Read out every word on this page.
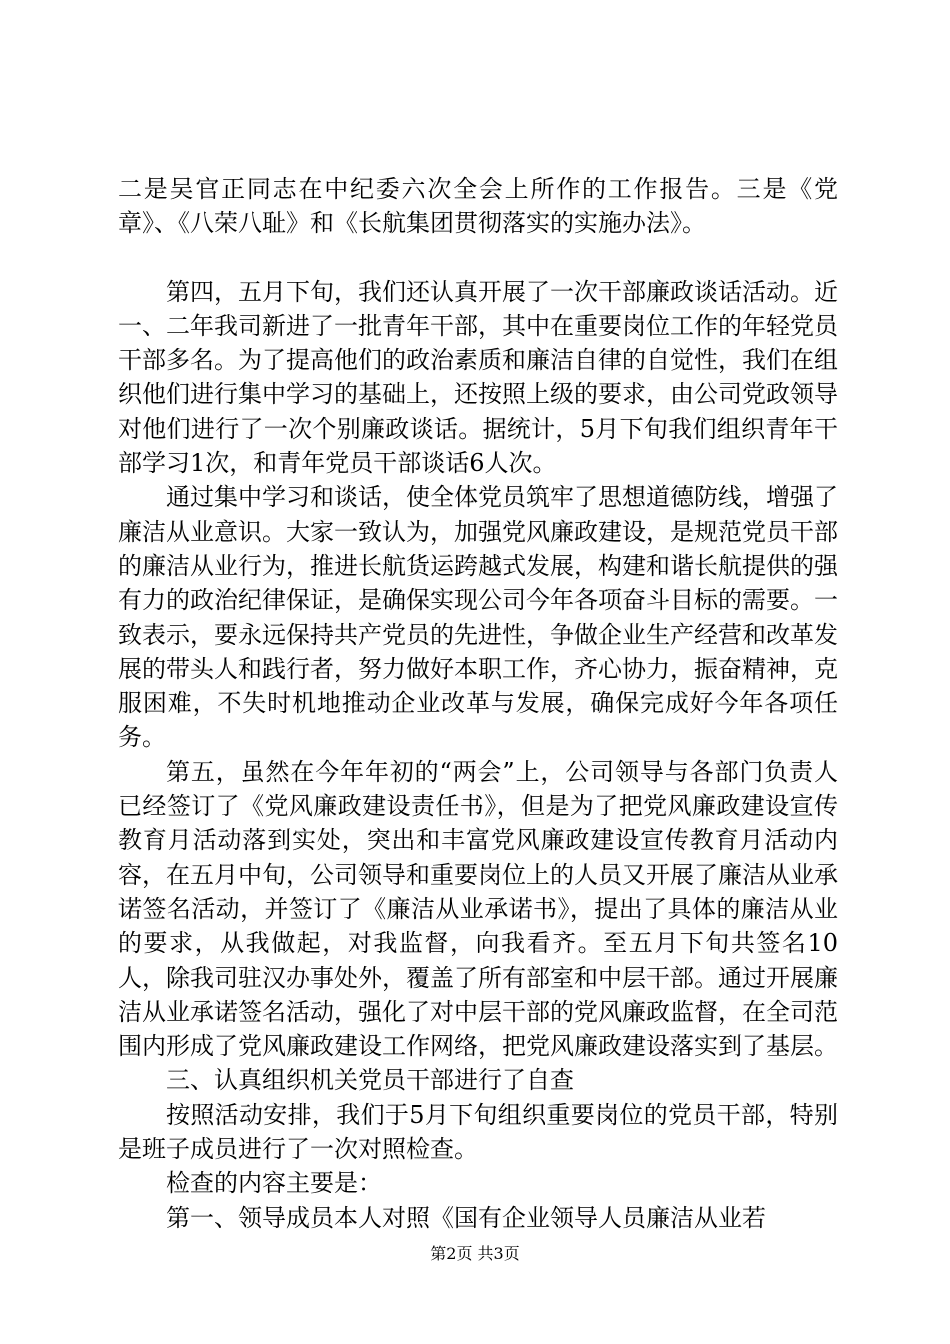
二是吴官正同志在中纪委六次全会上所作的工作报告。三是《党章》、《八荣八耻》和《长航集团贯彻落实的实施办法》。

第四，五月下旬，我们还认真开展了一次干部廉政谈话活动。近一、二年我司新进了一批青年干部，其中在重要岗位工作的年轻党员干部多名。为了提高他们的政治素质和廉洁自律的自觉性，我们在组织他们进行集中学习的基础上，还按照上级的要求，由公司党政领导对他们进行了一次个别廉政谈话。据统计，5月下旬我们组织青年干部学习1次，和青年党员干部谈话6人次。

通过集中学习和谈话，使全体党员筑牢了思想道德防线，增强了廉洁从业意识。大家一致认为，加强党风廉政建设，是规范党员干部的廉洁从业行为，推进长航货运跨越式发展，构建和谐长航提供的强有力的政治纪律保证，是确保实现公司今年各项奋斗目标的需要。一致表示，要永远保持共产党员的先进性，争做企业生产经营和改革发展的带头人和践行者，努力做好本职工作，齐心协力，振奋精神，克服困难，不失时机地推动企业改革与发展，确保完成好今年各项任务。

第五，虽然在今年年初的“两会”上，公司领导与各部门负责人已经签订了《党风廉政建设责任书》，但是为了把党风廉政建设宣传教育月活动落到实处，突出和丰富党风廉政建设宣传教育月活动内容，在五月中旬，公司领导和重要岗位上的人员又开展了廉洁从业承诺签名活动，并签订了《廉洁从业承诺书》，提出了具体的廉洁从业的要求，从我做起，对我监督，向我看齐。至五月下旬共签名10人，除我司驻汉办事处外，覆盖了所有部室和中层干部。通过开展廉洁从业承诺签名活动，强化了对中层干部的党风廉政监督，在全司范围内形成了党风廉政建设工作网络，把党风廉政建设落实到了基层。

三、认真组织机关党员干部进行了自查

按照活动安排，我们于5月下旬组织重要岗位的党员干部，特别是班子成员进行了一次对照检查。

检查的内容主要是：

第一、领导成员本人对照《国有企业领导人员廉洁从业若

第2页 共3页
